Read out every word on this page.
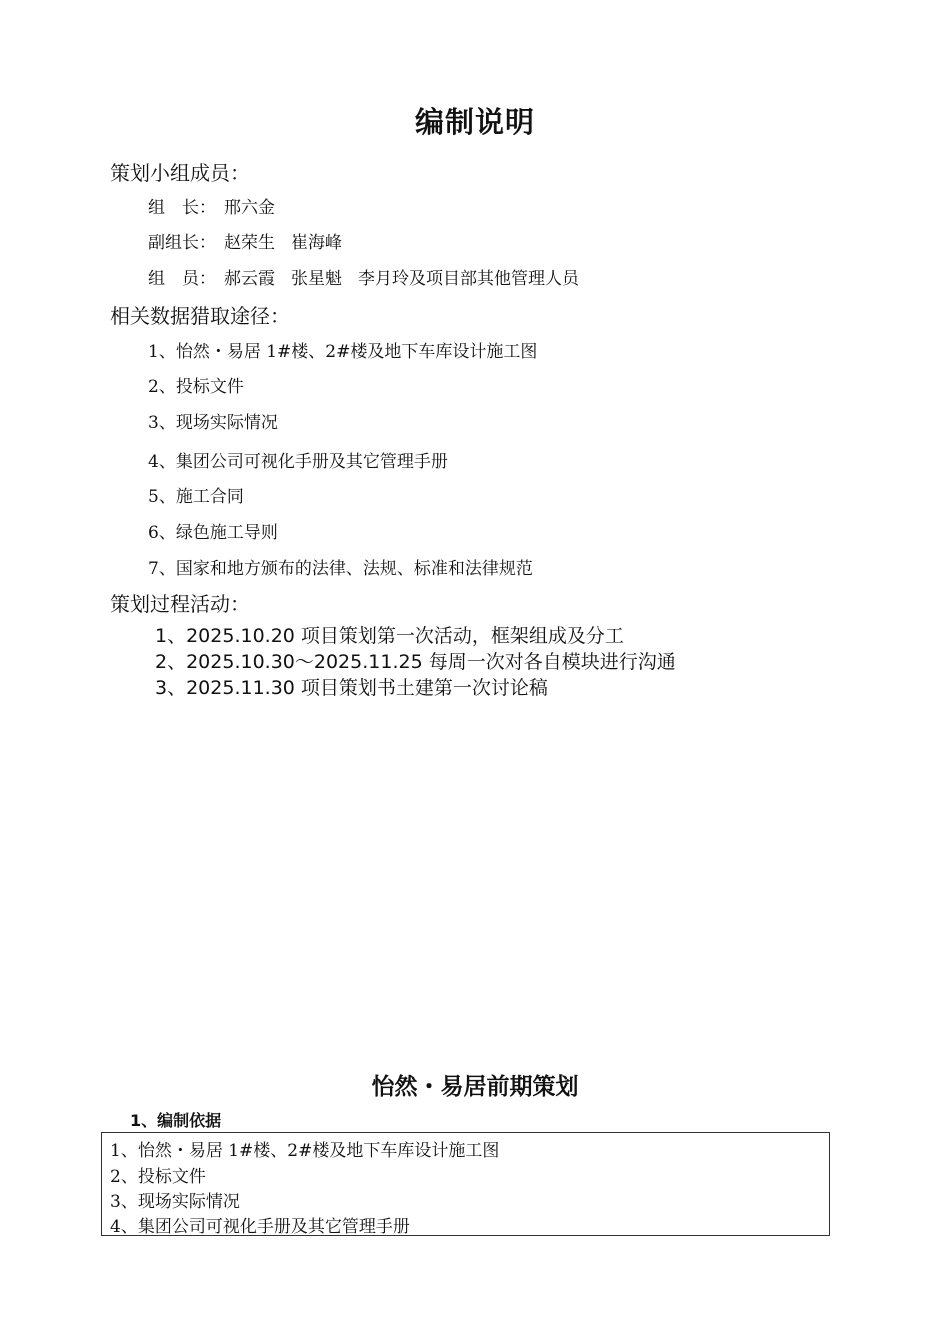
编制说明
策划小组成员：
组　长： 邢六金
副组长： 赵荣生 崔海峰
组　员： 郝云霞 张星魁 李月玲及项目部其他管理人员
相关数据猎取途径：
1、怡然・易居 1#楼、2#楼及地下车库设计施工图
2、投标文件
3、现场实际情况
4、集团公司可视化手册及其它管理手册
5、施工合同
6、绿色施工导则
7、国家和地方颁布的法律、法规、标准和法律规范
策划过程活动：
1、2025.10.20 项目策划第一次活动，框架组成及分工
2、2025.10.30～2025.11.25 每周一次对各自模块进行沟通
3、2025.11.30 项目策划书土建第一次讨论稿
怡然・易居前期策划
1、编制依据
1、怡然・易居 1#楼、2#楼及地下车库设计施工图
2、投标文件
3、现场实际情况
4、集团公司可视化手册及其它管理手册
